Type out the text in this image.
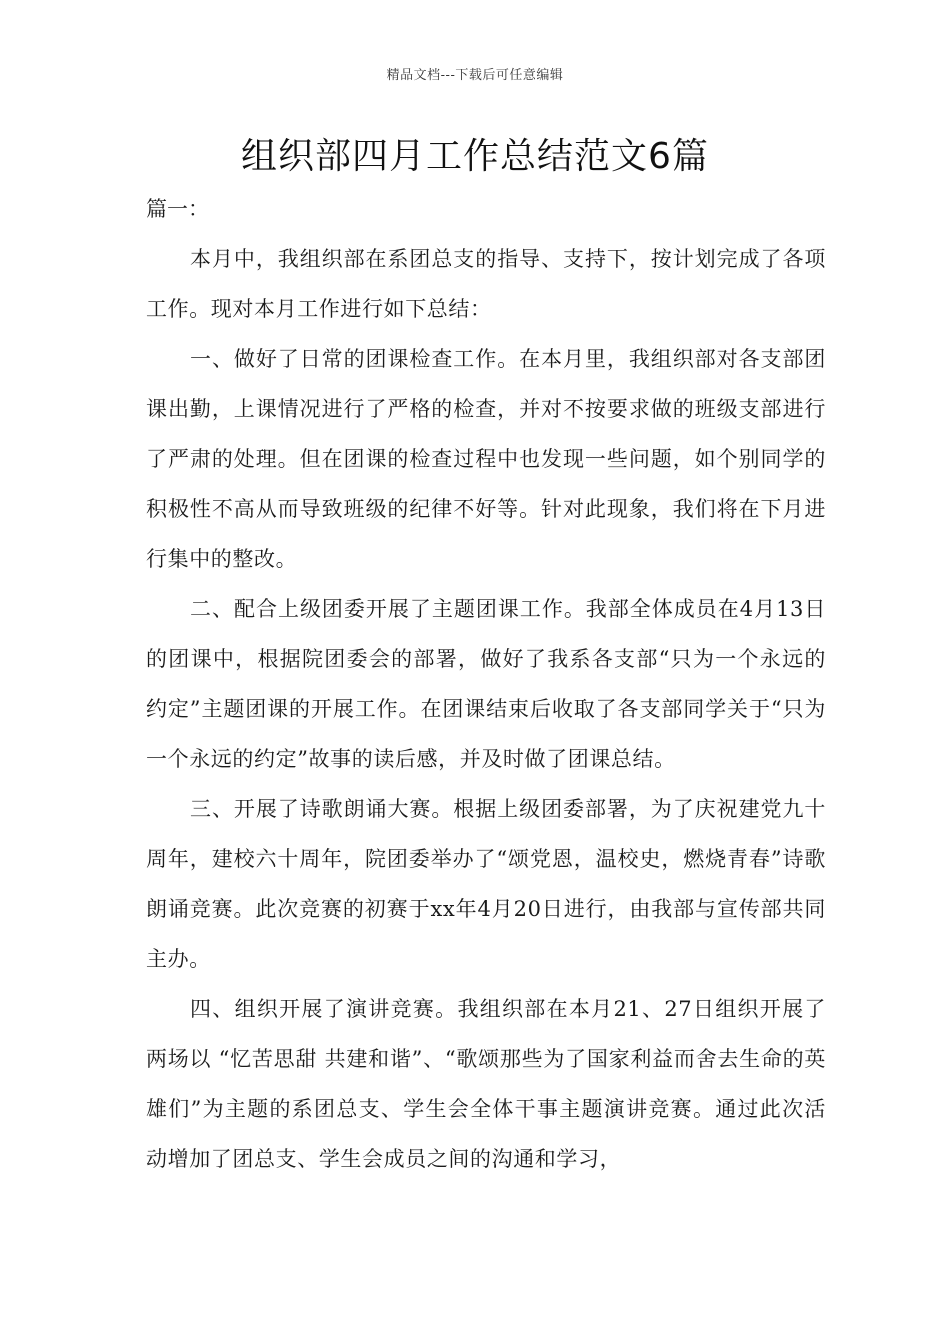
精品文档---下载后可任意编辑
组织部四月工作总结范文6篇

篇一：

本月中，我组织部在系团总支的指导、支持下，按计划完成了各项工作。现对本月工作进行如下总结：

一、做好了日常的团课检查工作。在本月里，我组织部对各支部团课出勤，上课情况进行了严格的检查，并对不按要求做的班级支部进行了严肃的处理。但在团课的检查过程中也发现一些问题，如个别同学的积极性不高从而导致班级的纪律不好等。针对此现象，我们将在下月进行集中的整改。

二、配合上级团委开展了主题团课工作。我部全体成员在4月13日的团课中，根据院团委会的部署，做好了我系各支部“只为一个永远的约定”主题团课的开展工作。在团课结束后收取了各支部同学关于“只为一个永远的约定”故事的读后感，并及时做了团课总结。

三、开展了诗歌朗诵大赛。根据上级团委部署，为了庆祝建党九十周年，建校六十周年，院团委举办了“颂党恩，温校史，燃烧青春”诗歌朗诵竞赛。此次竞赛的初赛于xx年4月20日进行，由我部与宣传部共同主办。

四、组织开展了演讲竞赛。我组织部在本月21、27日组织开展了两场以 “忆苦思甜 共建和谐”、“歌颂那些为了国家利益而舍去生命的英雄们”为主题的系团总支、学生会全体干事主题演讲竞赛。通过此次活动增加了团总支、学生会成员之间的沟通和学习，
